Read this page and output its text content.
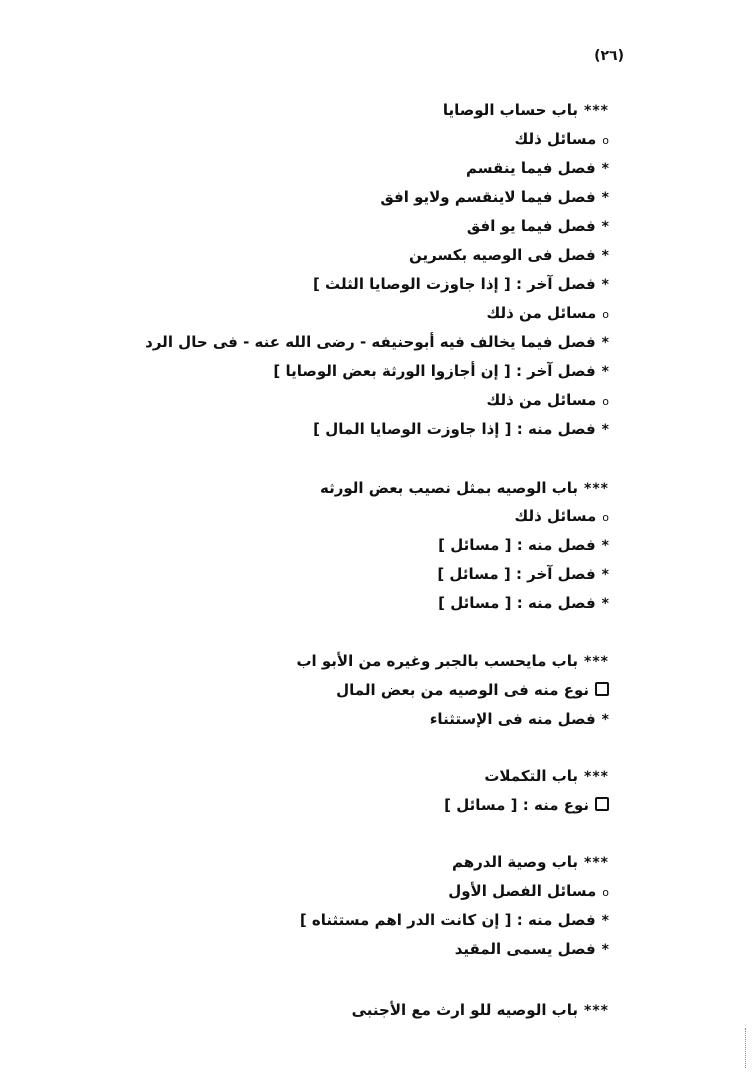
(٢٦)
***باب حساب الوصايا
oمسائل ذلك
*فصل فيما ينقسم
*فصل فيما لاينقسم ولايو افق
*فصل فيما يو افق
*فصل فى الوصيه بكسرين
*فصل آخر : [ إذا جاوزت الوصايا الثلث ]
oمسائل من ذلك
*فصل فيما يخالف فيه أبوحنيفه - رضى الله عنه - فى حال الرد
*فصل آخر : [ إن أجازوا الورثة بعض الوصايا ]
oمسائل من ذلك
*فصل منه : [ إذا جاوزت الوصايا المال ]
***باب الوصيه بمثل نصيب بعض الورثه
oمسائل ذلك
*فصل منه : [ مسائل ]
*فصل آخر : [ مسائل ]
*فصل منه : [ مسائل ]
***باب مايحسب بالجبر وغيره من الأبو اب
نوع منه فى الوصيه من بعض المال
*فصل منه فى الإستثناء
***باب التكملات
نوع منه : [ مسائل ]
***باب وصية الدرهم
oمسائل الفصل الأول
*فصل منه : [ إن كانت الدر اهم مستثناه ]
*فصل يسمى المقيد
***باب الوصيه للو ارث مع الأجنبى
